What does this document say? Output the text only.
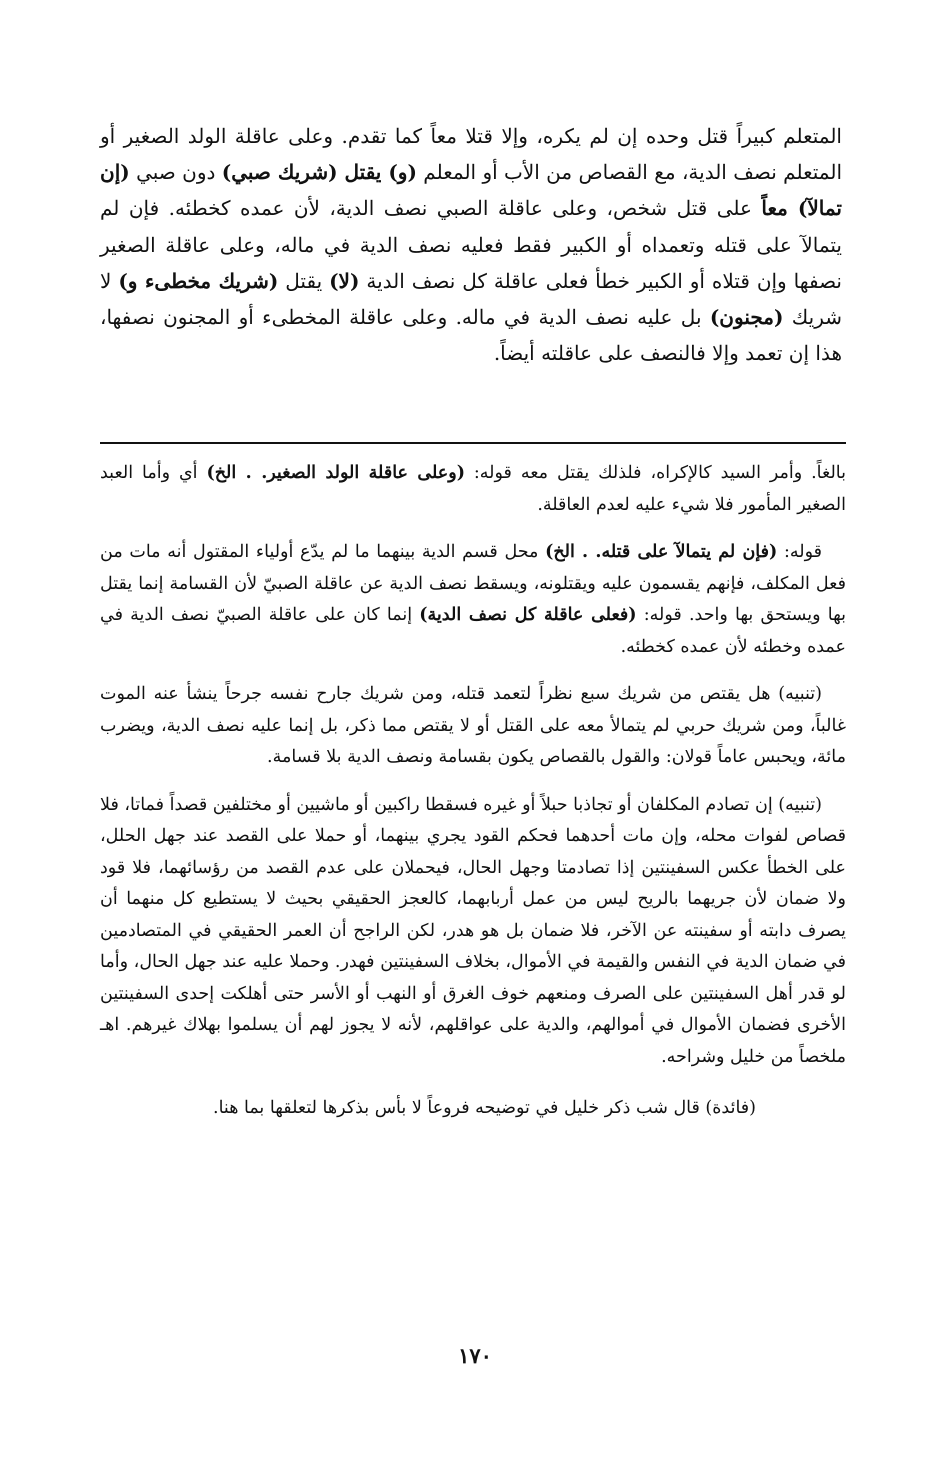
المتعلم كبيراً قتل وحده إن لم يكره، وإلا قتلا معاً كما تقدم. وعلى عاقلة الولد الصغير أو المتعلم نصف الدية، مع القصاص من الأب أو المعلم (و) يقتل (شريك صبي) دون صبي (إن تمالآ) معاً على قتل شخص، وعلى عاقلة الصبي نصف الدية، لأن عمده كخطئه. فإن لم يتمالآ على قتله وتعمداه أو الكبير فقط فعليه نصف الدية في ماله، وعلى عاقلة الصغير نصفها وإن قتلاه أو الكبير خطأ فعلى عاقلة كل نصف الدية (لا) يقتل (شريك مخطىء و) لا شريك (مجنون) بل عليه نصف الدية في ماله. وعلى عاقلة المخطىء أو المجنون نصفها، هذا إن تعمد وإلا فالنصف على عاقلته أيضاً.

بالغاً. وأمر السيد كالإكراه، فلذلك يقتل معه قوله: (وعلى عاقلة الولد الصغير. . الخ) أي وأما العبد الصغير المأمور فلا شيء عليه لعدم العاقلة.

قوله: (فإن لم يتمالآ على قتله. . الخ) محل قسم الدية بينهما ما لم يدّع أولياء المقتول أنه مات من فعل المكلف، فإنهم يقسمون عليه ويقتلونه، ويسقط نصف الدية عن عاقلة الصبيّ لأن القسامة إنما يقتل بها ويستحق بها واحد. قوله: (فعلى عاقلة كل نصف الدية) إنما كان على عاقلة الصبيّ نصف الدية في عمده وخطئه لأن عمده كخطئه.

(تنبيه) هل يقتص من شريك سبع نظراً لتعمد قتله، ومن شريك جارح نفسه جرحاً ينشأ عنه الموت غالباً، ومن شريك حربي لم يتمالأ معه على القتل أو لا يقتص مما ذكر، بل إنما عليه نصف الدية، ويضرب مائة، ويحبس عاماً قولان: والقول بالقصاص يكون بقسامة ونصف الدية بلا قسامة.

(تنبيه) إن تصادم المكلفان أو تجاذبا حبلاً أو غيره فسقطا راكبين أو ماشيين أو مختلفين قصداً فماتا، فلا قصاص لفوات محله، وإن مات أحدهما فحكم القود يجري بينهما، أو حملا على القصد عند جهل الحلل، على الخطأ عكس السفينتين إذا تصادمتا وجهل الحال، فيحملان على عدم القصد من رؤسائهما، فلا قود ولا ضمان لأن جريهما بالريح ليس من عمل أربابهما، كالعجز الحقيقي بحيث لا يستطيع كل منهما أن يصرف دابته أو سفينته عن الآخر، فلا ضمان بل هو هدر، لكن الراجح أن العمر الحقيقي في المتصادمين في ضمان الدية في النفس والقيمة في الأموال، بخلاف السفينتين فهدر. وحملا عليه عند جهل الحال، وأما لو قدر أهل السفينتين على الصرف ومنعهم خوف الغرق أو النهب أو الأسر حتى أهلكت إحدى السفينتين الأخرى فضمان الأموال في أموالهم، والدية على عواقلهم، لأنه لا يجوز لهم أن يسلموا بهلاك غيرهم. اهـ ملخصاً من خليل وشراحه.

(فائدة) قال شب ذكر خليل في توضيحه فروعاً لا بأس بذكرها لتعلقها بما هنا.

١٧٠
